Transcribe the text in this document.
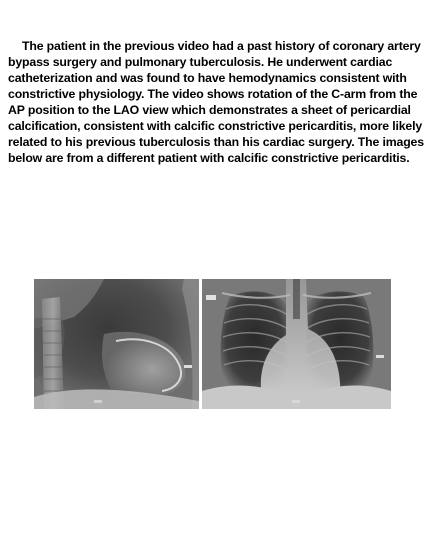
The patient in the previous video had a past history of coronary artery bypass surgery and pulmonary tuberculosis. He underwent cardiac catheterization and was found to have hemodynamics consistent with constrictive physiology. The video shows rotation of the C-arm from the AP position to the LAO view which demonstrates a sheet of pericardial calcification, consistent with calcific constrictive pericarditis, more likely related to his previous tuberculosis than his cardiac surgery. The images below are from a different patient with calcific constrictive pericarditis.
